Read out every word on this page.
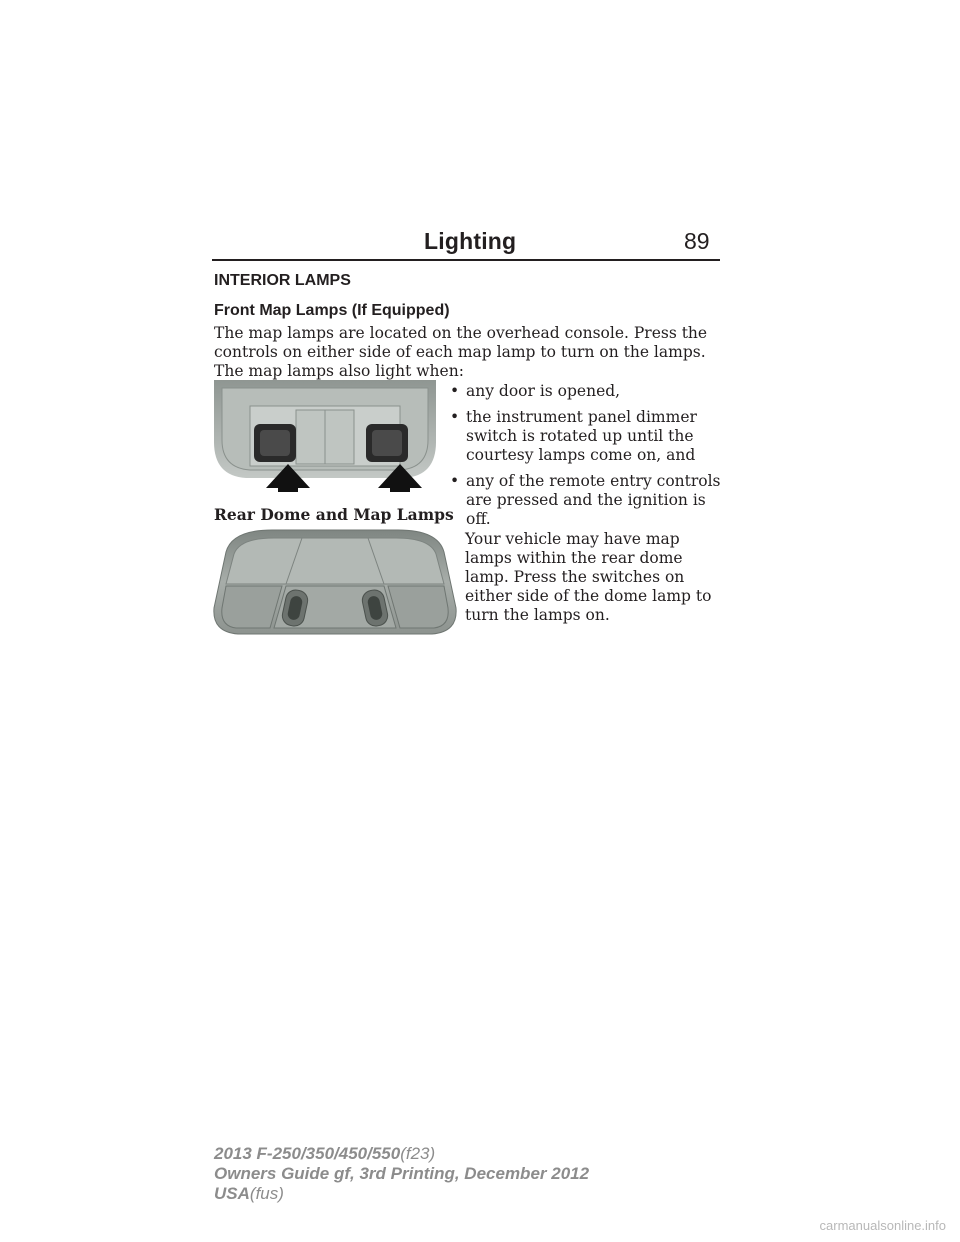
Lighting	89
INTERIOR LAMPS
Front Map Lamps (If Equipped)
The map lamps are located on the overhead console. Press the controls on either side of each map lamp to turn on the lamps. The map lamps also light when:
• any door is opened,
• the instrument panel dimmer switch is rotated up until the courtesy lamps come on, and
• any of the remote entry controls are pressed and the ignition is off.
Rear Dome and Map Lamps
Your vehicle may have map lamps within the rear dome lamp. Press the switches on either side of the dome lamp to turn the lamps on.
2013 F-250/350/450/550(f23)
Owners Guide gf, 3rd Printing, December 2012
USA(fus)
carmanualsonline.info
